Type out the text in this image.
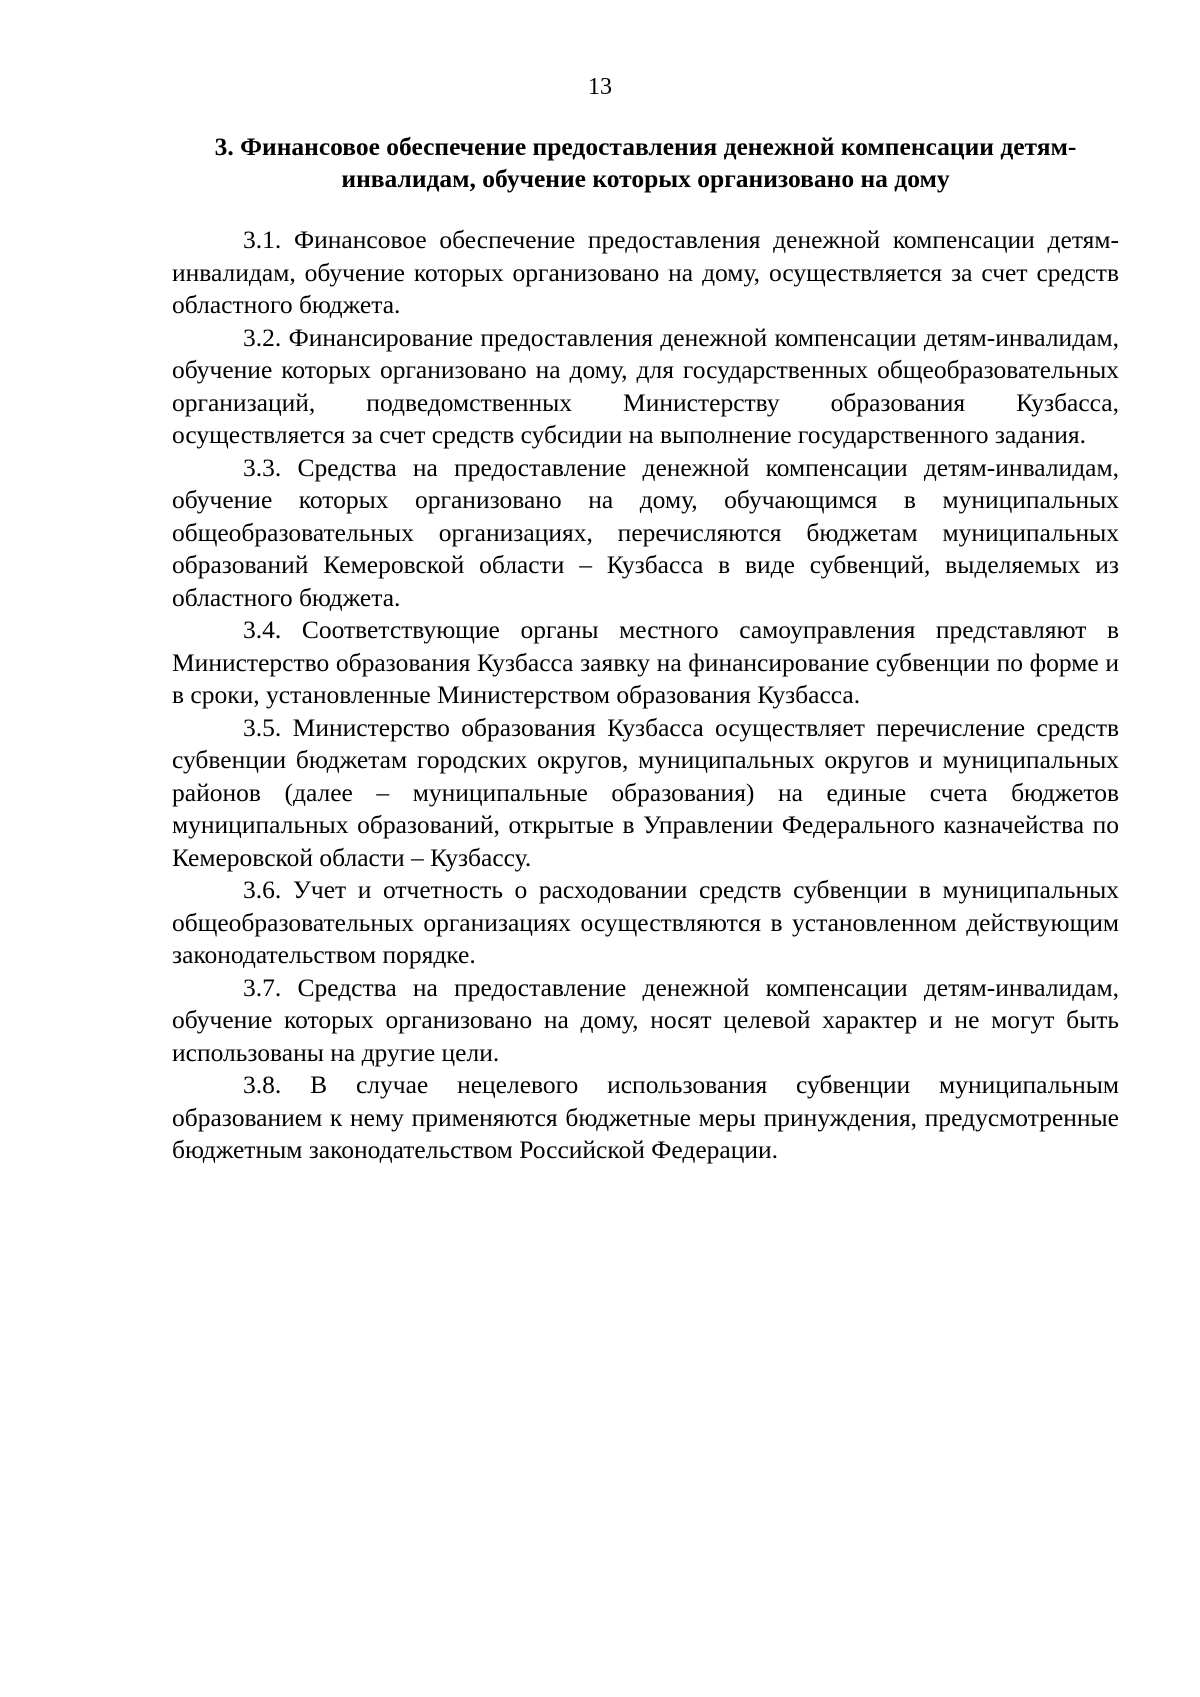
13

3. Финансовое обеспечение предоставления денежной компенсации детям-инвалидам, обучение которых организовано на дому

3.1. Финансовое обеспечение предоставления денежной компенсации детям-инвалидам, обучение которых организовано на дому, осуществляется за счет средств областного бюджета.

3.2. Финансирование предоставления денежной компенсации детям-инвалидам, обучение которых организовано на дому, для государственных общеобразовательных организаций, подведомственных Министерству образования Кузбасса, осуществляется за счет средств субсидии на выполнение государственного задания.

3.3. Средства на предоставление денежной компенсации детям-инвалидам, обучение которых организовано на дому, обучающимся в муниципальных общеобразовательных организациях, перечисляются бюджетам муниципальных образований Кемеровской области – Кузбасса в виде субвенций, выделяемых из областного бюджета.

3.4. Соответствующие органы местного самоуправления представляют в Министерство образования Кузбасса заявку на финансирование субвенции по форме и в сроки, установленные Министерством образования Кузбасса.

3.5. Министерство образования Кузбасса осуществляет перечисление средств субвенции бюджетам городских округов, муниципальных округов и муниципальных районов (далее – муниципальные образования) на единые счета бюджетов муниципальных образований, открытые в Управлении Федерального казначейства по Кемеровской области – Кузбассу.

3.6. Учет и отчетность о расходовании средств субвенции в муниципальных общеобразовательных организациях осуществляются в установленном действующим законодательством порядке.

3.7. Средства на предоставление денежной компенсации детям-инвалидам, обучение которых организовано на дому, носят целевой характер и не могут быть использованы на другие цели.

3.8. В случае нецелевого использования субвенции муниципальным образованием к нему применяются бюджетные меры принуждения, предусмотренные бюджетным законодательством Российской Федерации.
